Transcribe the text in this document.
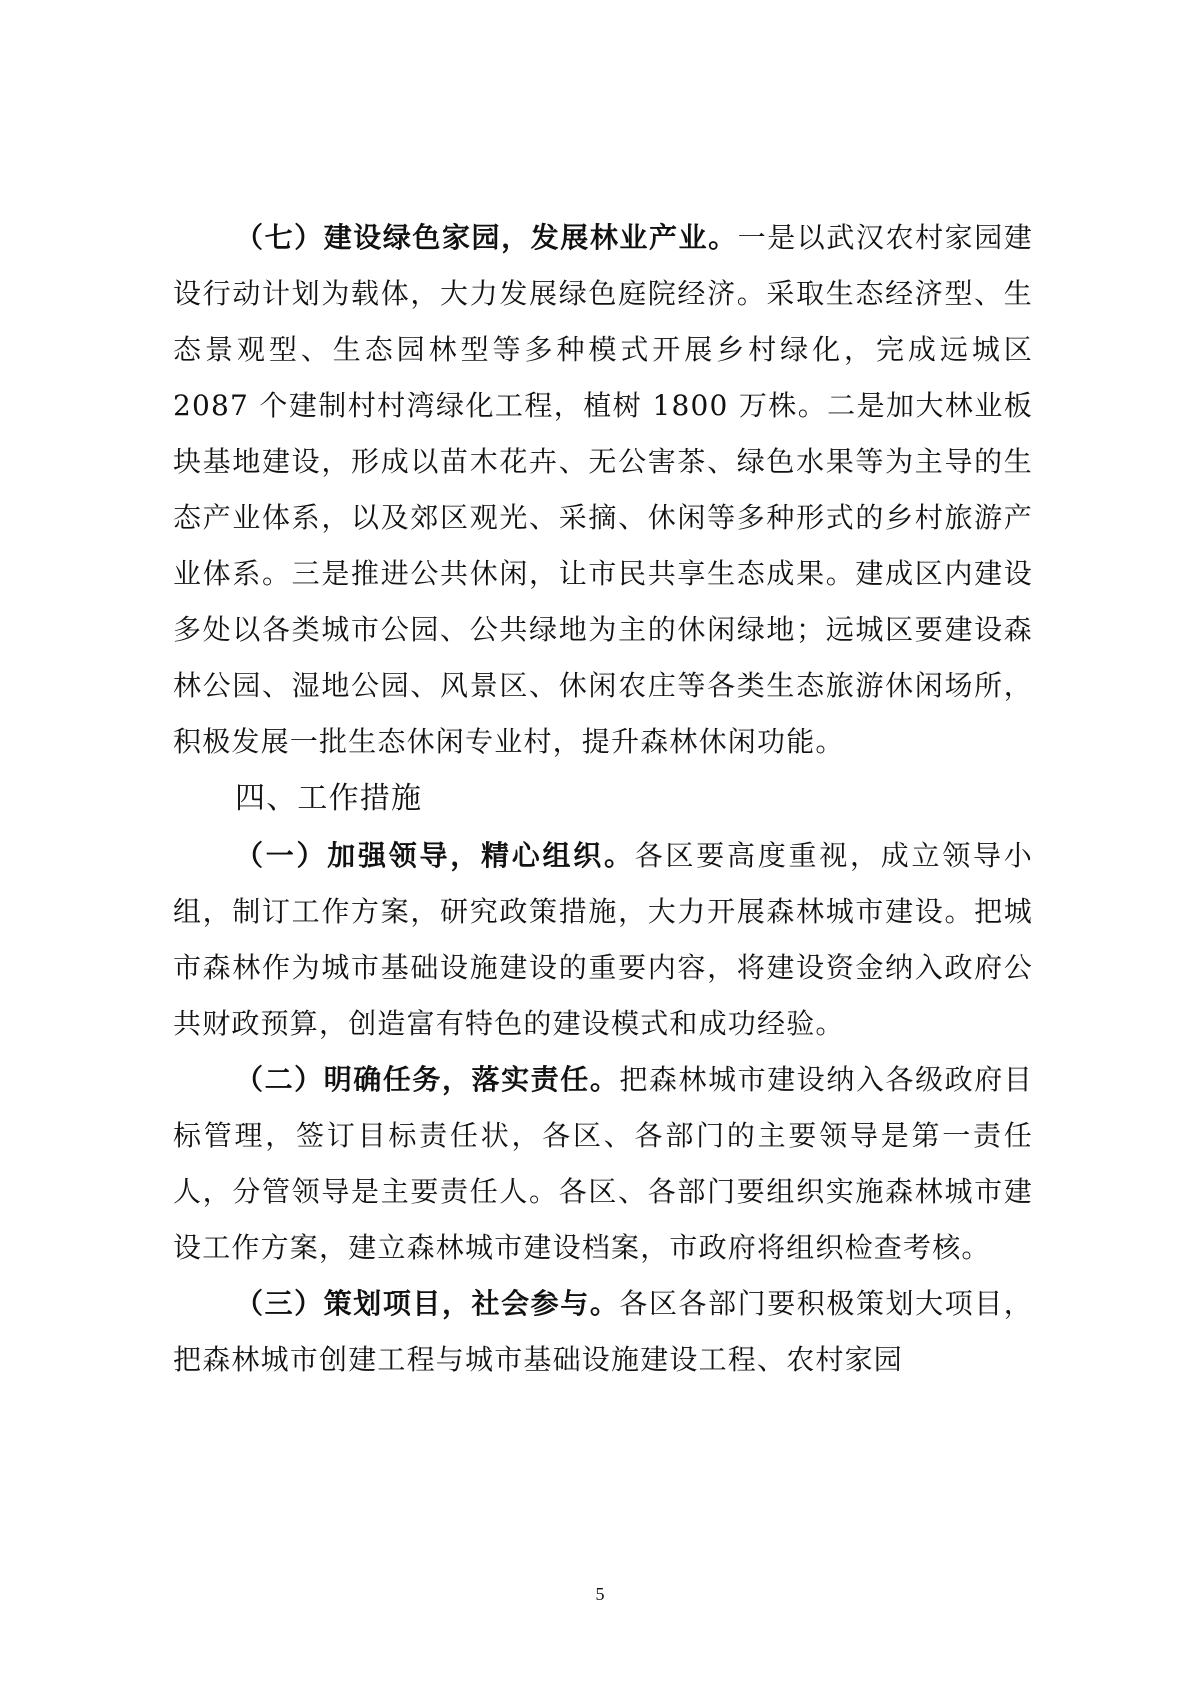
（七）建设绿色家园，发展林业产业。一是以武汉农村家园建设行动计划为载体，大力发展绿色庭院经济。采取生态经济型、生态景观型、生态园林型等多种模式开展乡村绿化，完成远城区 2087 个建制村村湾绿化工程，植树 1800 万株。二是加大林业板块基地建设，形成以苗木花卉、无公害茶、绿色水果等为主导的生态产业体系，以及郊区观光、采摘、休闲等多种形式的乡村旅游产业体系。三是推进公共休闲，让市民共享生态成果。建成区内建设多处以各类城市公园、公共绿地为主的休闲绿地；远城区要建设森林公园、湿地公园、风景区、休闲农庄等各类生态旅游休闲场所，积极发展一批生态休闲专业村，提升森林休闲功能。

四、工作措施

（一）加强领导，精心组织。各区要高度重视，成立领导小组，制订工作方案，研究政策措施，大力开展森林城市建设。把城市森林作为城市基础设施建设的重要内容，将建设资金纳入政府公共财政预算，创造富有特色的建设模式和成功经验。

（二）明确任务，落实责任。把森林城市建设纳入各级政府目标管理，签订目标责任状，各区、各部门的主要领导是第一责任人，分管领导是主要责任人。各区、各部门要组织实施森林城市建设工作方案，建立森林城市建设档案，市政府将组织检查考核。

（三）策划项目，社会参与。各区各部门要积极策划大项目，把森林城市创建工程与城市基础设施建设工程、农村家园

5
